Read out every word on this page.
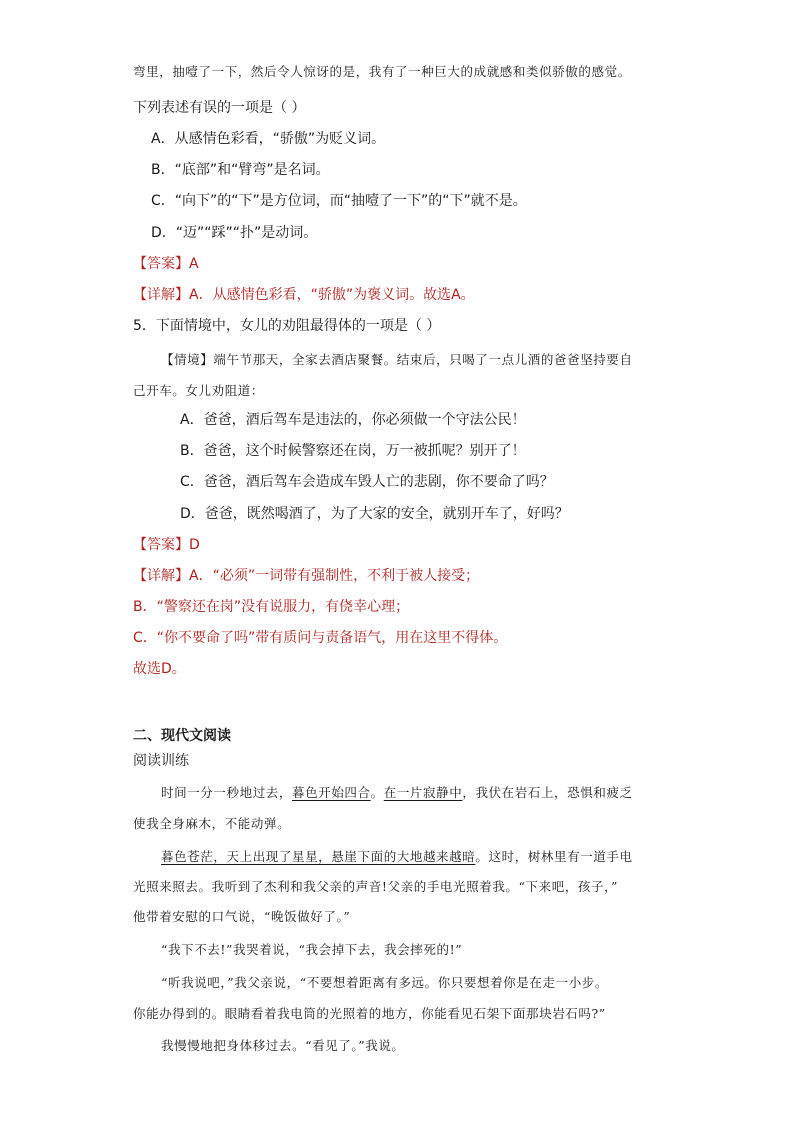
弯里，抽噎了一下，然后令人惊讶的是，我有了一种巨大的成就感和类似骄傲的感觉。
下列表述有误的一项是（ ）
A．从感情色彩看，“骄傲”为贬义词。
B．“底部”和“臂弯”是名词。
C．“向下”的“下”是方位词，而“抽噎了一下”的“下”就不是。
D．“迈”“踩”“扑”是动词。
【答案】A
【详解】A．从感情色彩看，“骄傲”为褒义词。故选A。
5．下面情境中，女儿的劝阻最得体的一项是（ ）
【情境】端午节那天，全家去酒店聚餐。结束后，只喝了一点儿酒的爸爸坚持要自
己开车。女儿劝阻道：
A．爸爸，酒后驾车是违法的，你必须做一个守法公民！
B．爸爸，这个时候警察还在岗，万一被抓呢？别开了！
C．爸爸，酒后驾车会造成车毁人亡的悲剧，你不要命了吗？
D．爸爸，既然喝酒了，为了大家的安全，就别开车了，好吗？
【答案】D
【详解】A．“必须”一词带有强制性，不利于被人接受；
B．“警察还在岗”没有说服力，有侥幸心理；
C．“你不要命了吗”带有质问与责备语气，用在这里不得体。
故选D。
二、现代文阅读
阅读训练
时间一分一秒地过去，暮色开始四合。在一片寂静中，我伏在岩石上，恐惧和疲乏
使我全身麻木，不能动弹。
暮色苍茫，天上出现了星星，悬崖下面的大地越来越暗。这时，树林里有一道手电
光照来照去。我听到了杰利和我父亲的声音!父亲的手电光照着我。“下来吧，孩子，”
他带着安慰的口气说，“晚饭做好了。”
“我下不去!”我哭着说，“我会掉下去，我会摔死的!”
“听我说吧，”我父亲说，“不要想着距离有多远。你只要想着你是在走一小步。
你能办得到的。眼睛看着我电筒的光照着的地方，你能看见石架下面那块岩石吗?”
我慢慢地把身体移过去。“看见了。”我说。
